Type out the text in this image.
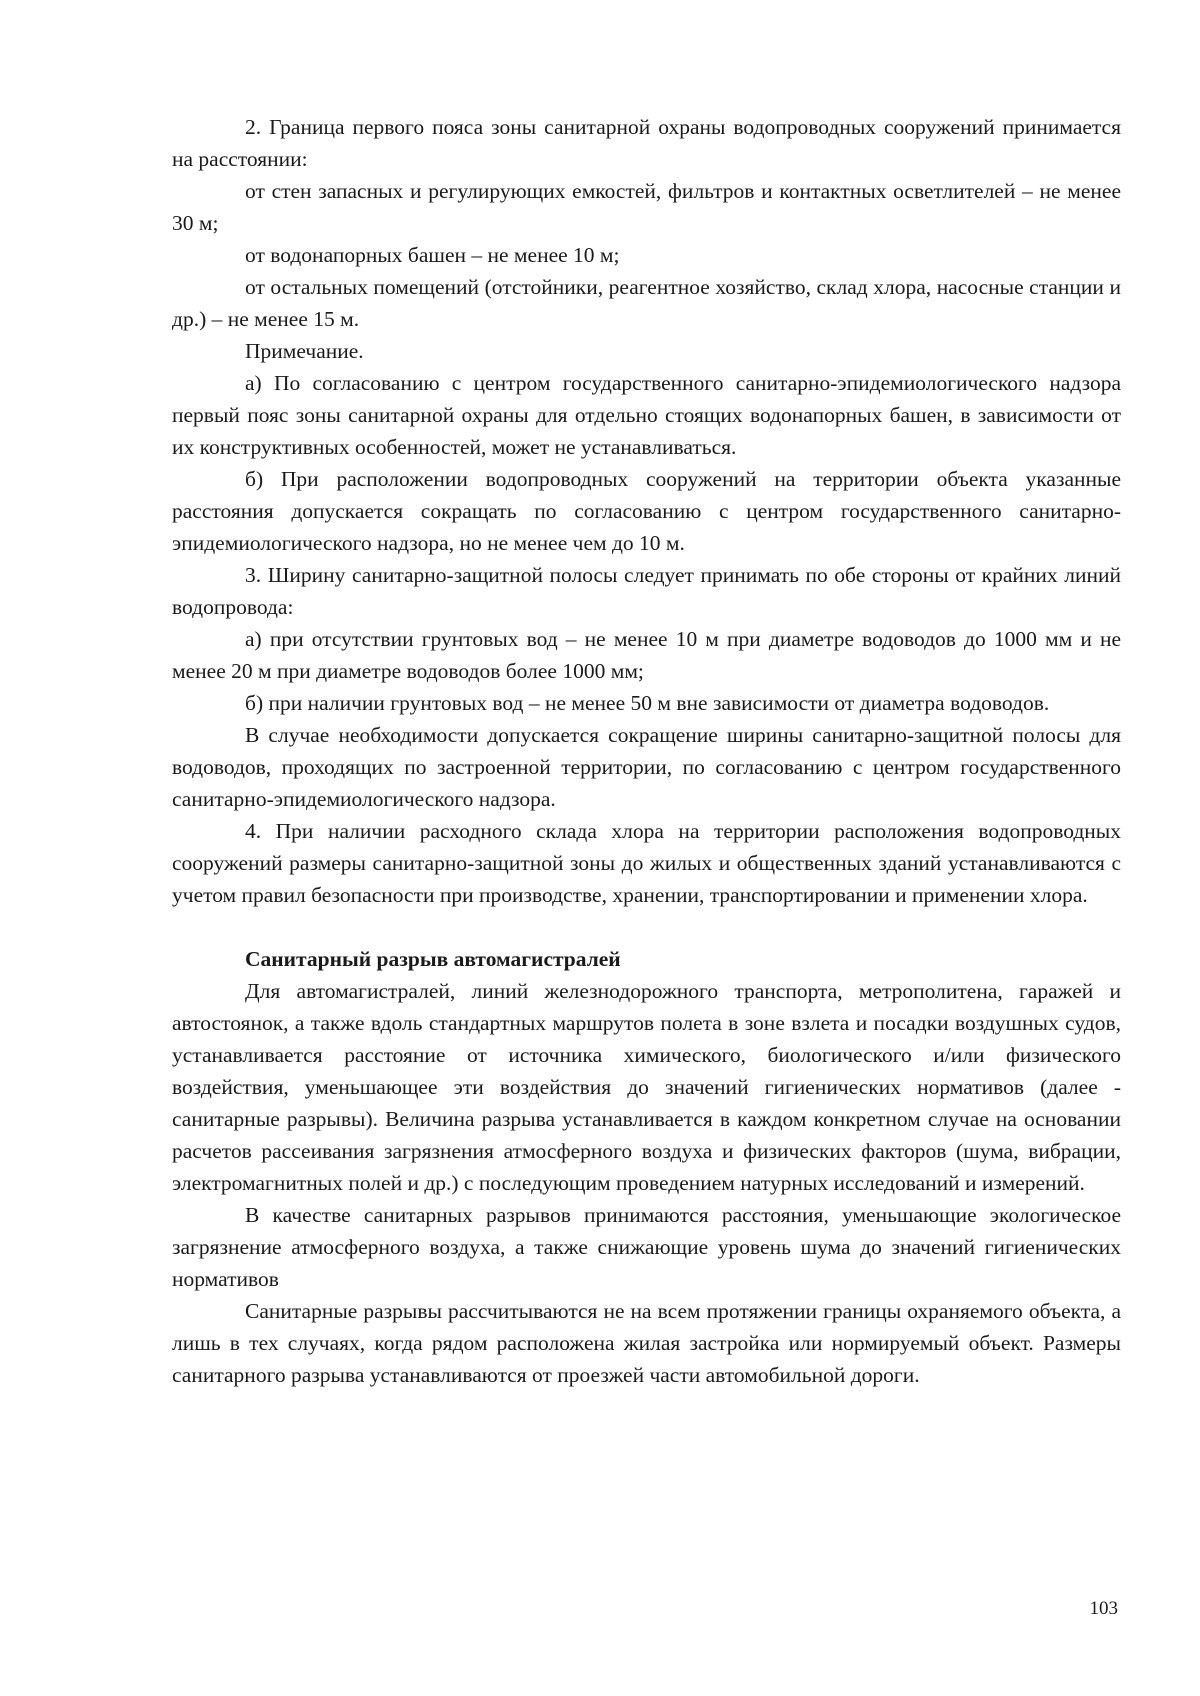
2. Граница первого пояса зоны санитарной охраны водопроводных сооружений принимается на расстоянии:

от стен запасных и регулирующих емкостей, фильтров и контактных осветлителей – не менее 30 м;

от водонапорных башен – не менее 10 м;

от остальных помещений (отстойники, реагентное хозяйство, склад хлора, насосные станции и др.) – не менее 15 м.

Примечание.

а) По согласованию с центром государственного санитарно-эпидемиологического надзора первый пояс зоны санитарной охраны для отдельно стоящих водонапорных башен, в зависимости от их конструктивных особенностей, может не устанавливаться.

б) При расположении водопроводных сооружений на территории объекта указанные расстояния допускается сокращать по согласованию с центром государственного санитарно-эпидемиологического надзора, но не менее чем до 10 м.

3. Ширину санитарно-защитной полосы следует принимать по обе стороны от крайних линий водопровода:

а) при отсутствии грунтовых вод – не менее 10 м при диаметре водоводов до 1000 мм и не менее 20 м при диаметре водоводов более 1000 мм;

б) при наличии грунтовых вод – не менее 50 м вне зависимости от диаметра водоводов.

В случае необходимости допускается сокращение ширины санитарно-защитной полосы для водоводов, проходящих по застроенной территории, по согласованию с центром государственного санитарно-эпидемиологического надзора.

4. При наличии расходного склада хлора на территории расположения водопроводных сооружений размеры санитарно-защитной зоны до жилых и общественных зданий устанавливаются с учетом правил безопасности при производстве, хранении, транспортировании и применении хлора.

Санитарный разрыв автомагистралей

Для автомагистралей, линий железнодорожного транспорта, метрополитена, гаражей и автостоянок, а также вдоль стандартных маршрутов полета в зоне взлета и посадки воздушных судов, устанавливается расстояние от источника химического, биологического и/или физического воздействия, уменьшающее эти воздействия до значений гигиенических нормативов (далее - санитарные разрывы). Величина разрыва устанавливается в каждом конкретном случае на основании расчетов рассеивания загрязнения атмосферного воздуха и физических факторов (шума, вибрации, электромагнитных полей и др.) с последующим проведением натурных исследований и измерений.

В качестве санитарных разрывов принимаются расстояния, уменьшающие экологическое загрязнение атмосферного воздуха, а также снижающие уровень шума до значений гигиенических нормативов

Санитарные разрывы рассчитываются не на всем протяжении границы охраняемого объекта, а лишь в тех случаях, когда рядом расположена жилая застройка или нормируемый объект. Размеры санитарного разрыва устанавливаются от проезжей части автомобильной дороги.

103
